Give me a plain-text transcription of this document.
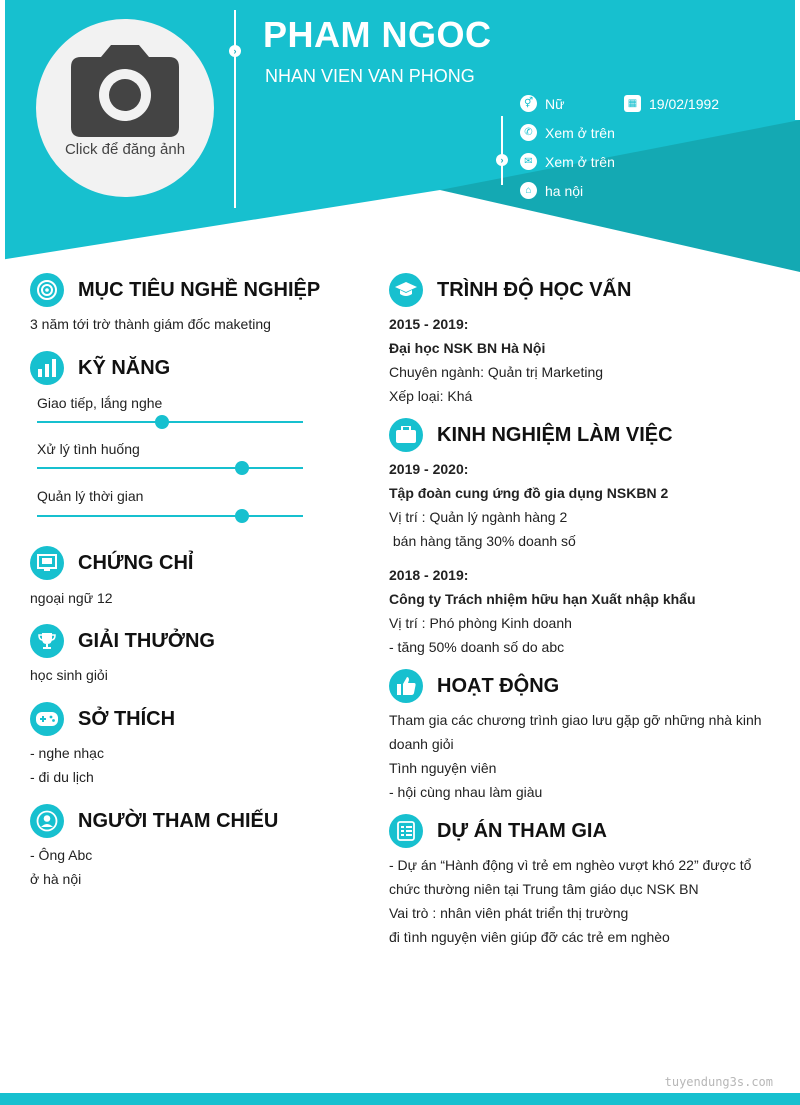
Click để đăng ảnh
›
›
PHAM NGOC
NHAN VIEN VAN PHONG
⚥ Nữ	▦ 19/02/1992
✆ Xem ở trên
✉ Xem ở trên
⌂ ha nội
MỤC TIÊU NGHỀ NGHIỆP
3 năm tới trờ thành giám đốc maketing
KỸ NĂNG
Giao tiếp, lắng nghe
Xử lý tình huống
Quản lý thời gian
CHỨNG CHỈ
ngoại ngữ 12
GIẢI THƯỞNG
học sinh giỏi
SỞ THÍCH
- nghe nhạc
- đi du lịch
NGƯỜI THAM CHIẾU
- Ông Abc
ở hà nội
TRÌNH ĐỘ HỌC VẤN
2015 - 2019:
Đại học NSK BN Hà Nội
Chuyên ngành: Quản trị Marketing
Xếp loại: Khá
KINH NGHIỆM LÀM VIỆC
2019 - 2020:
Tập đoàn cung ứng đồ gia dụng NSKBN 2
Vị trí : Quản lý ngành hàng 2
bán hàng tăng 30% doanh số
2018 - 2019:
Công ty Trách nhiệm hữu hạn Xuất nhập khẩu
Vị trí : Phó phòng Kinh doanh
- tăng 50% doanh số do abc
HOẠT ĐỘNG
Tham gia các chương trình giao lưu gặp gỡ những nhà kinh
doanh giỏi
Tình nguyện viên
- hội cùng nhau làm giàu
DỰ ÁN THAM GIA
- Dự án “Hành động vì trẻ em nghèo vượt khó 22” được tổ
chức thường niên tại Trung tâm giáo dục NSK BN
Vai trò : nhân viên phát triển thị trường
đi tình nguyện viên giúp đỡ các trẻ em nghèo
tuyendung3s.com
